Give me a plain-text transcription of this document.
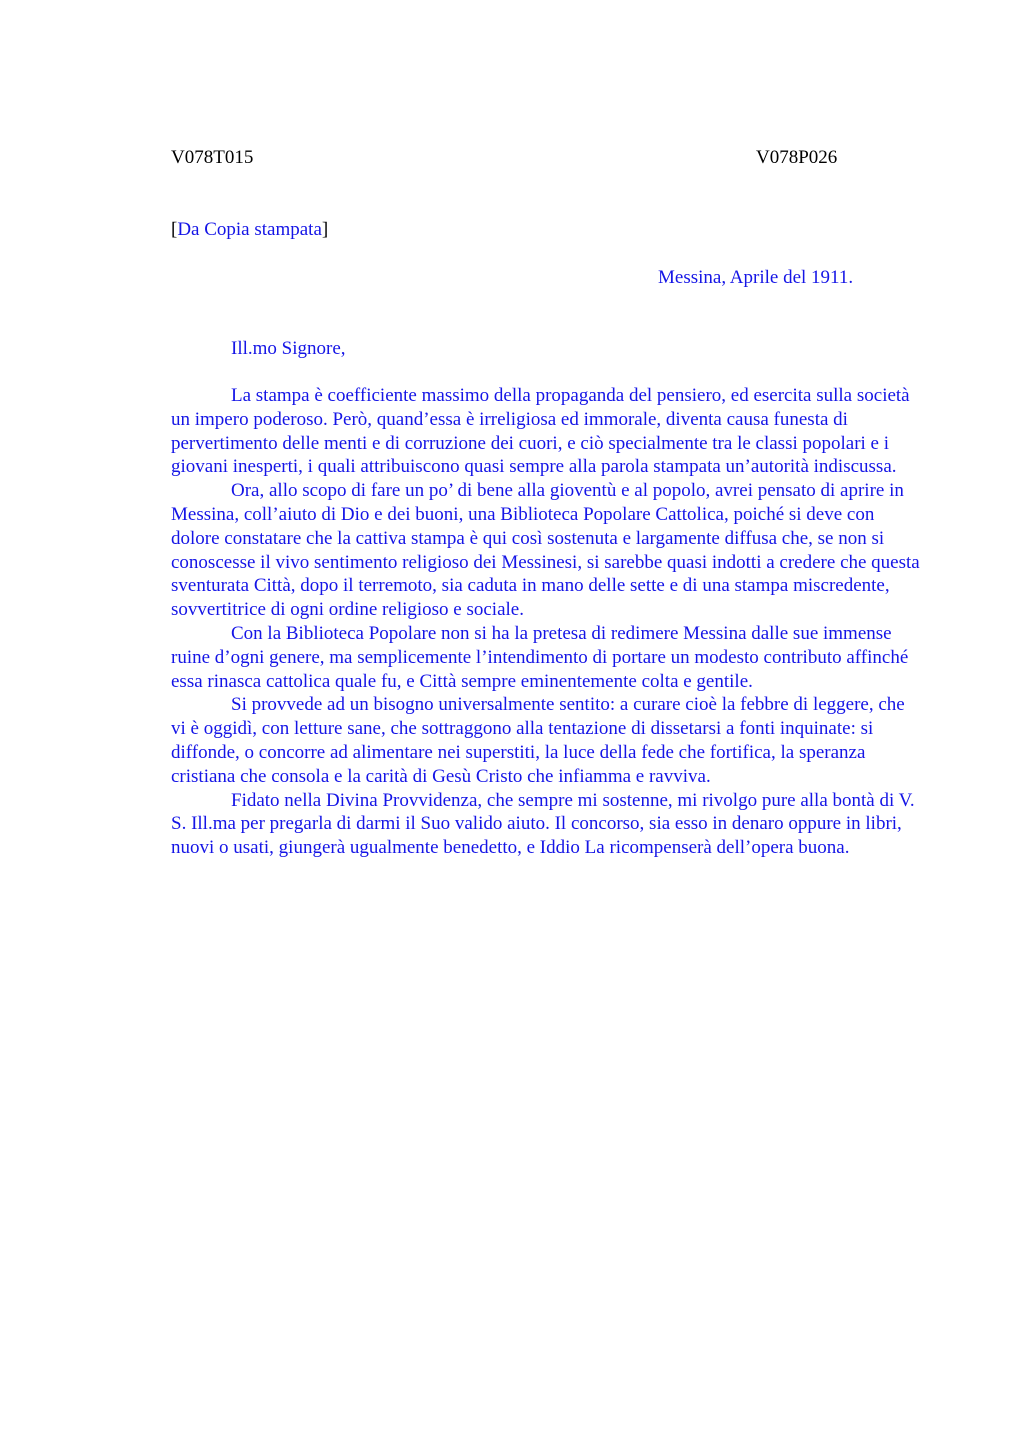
V078T015	V078P026
[Da Copia stampata]
Messina, Aprile del 1911.
Ill.mo Signore,

La stampa è coefficiente massimo della propaganda del pensiero, ed esercita sulla società un impero poderoso. Però, quand’essa è irreligiosa ed immorale, diventa causa funesta di pervertimento delle menti e di corruzione dei cuori, e ciò specialmente tra le classi popolari e i giovani inesperti, i quali attribuiscono quasi sempre alla parola stampata un’autorità indiscussa.

Ora, allo scopo di fare un po’ di bene alla gioventù e al popolo, avrei pensato di aprire in Messina, coll’aiuto di Dio e dei buoni, una Biblioteca Popolare Cattolica, poiché si deve con dolore constatare che la cattiva stampa è qui così sostenuta e largamente diffusa che, se non si conoscesse il vivo sentimento religioso dei Messinesi, si sarebbe quasi indotti a credere che questa sventurata Città, dopo il terremoto, sia caduta in mano delle sette e di una stampa miscredente, sovvertitrice di ogni ordine religioso e sociale.

Con la Biblioteca Popolare non si ha la pretesa di redimere Messina dalle sue immense ruine d’ogni genere, ma semplicemente l’intendimento di portare un modesto contributo affinché essa rinasca cattolica quale fu, e Città sempre eminentemente colta e gentile.

Si provvede ad un bisogno universalmente sentito: a curare cioè la febbre di leggere, che vi è oggidì, con letture sane, che sottraggono alla tentazione di dissetarsi a fonti inquinate: si diffonde, o concorre ad alimentare nei superstiti, la luce della fede che fortifica, la speranza cristiana che consola e la carità di Gesù Cristo che infiamma e ravviva.

Fidato nella Divina Provvidenza, che sempre mi sostenne, mi rivolgo pure alla bontà di V. S. Ill.ma per pregarla di darmi il Suo valido aiuto. Il concorso, sia esso in denaro oppure in libri, nuovi o usati, giungerà ugualmente benedetto, e Iddio La ricompenserà dell’opera buona.
